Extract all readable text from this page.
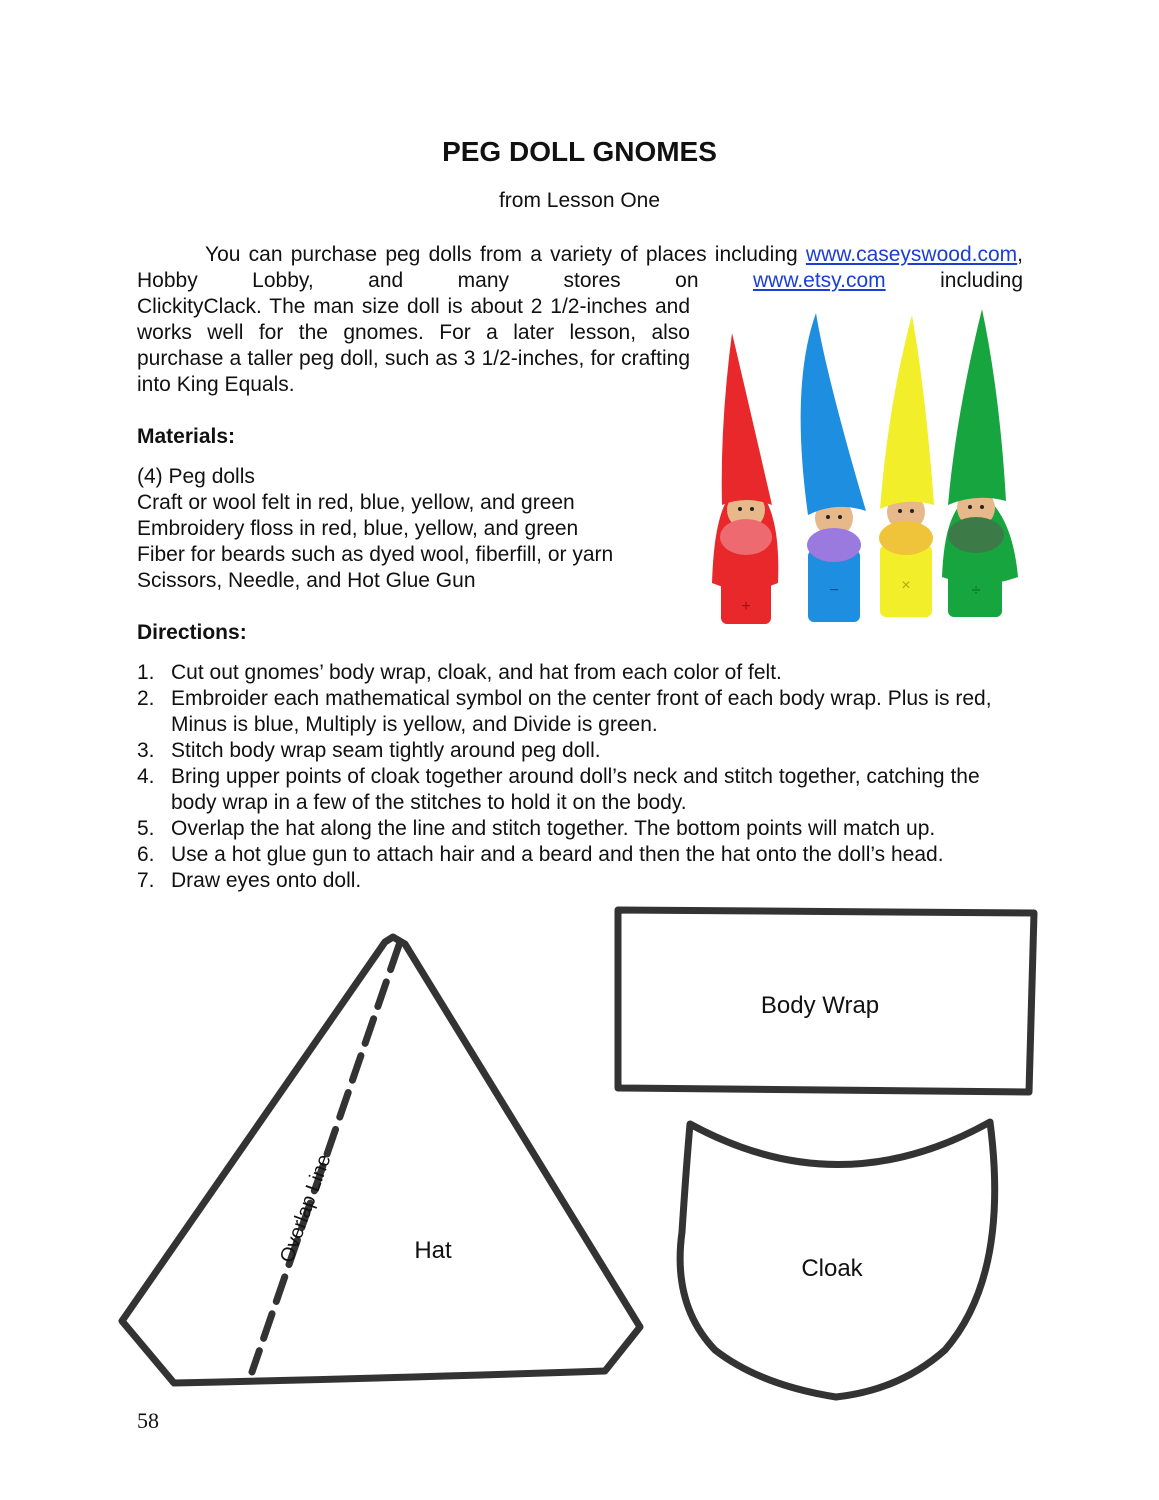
PEG DOLL GNOMES
from Lesson One
You can purchase peg dolls from a variety of places including www.caseyswood.com, Hobby Lobby, and many stores on www.etsy.com including
ClickityClack. The man size doll is about 2 1/2-inches and works well for the gnomes. For a later lesson, also purchase a taller peg doll, such as 3 1/2-inches, for crafting into King Equals.
Materials:
(4) Peg dolls
Craft or wool felt in red, blue, yellow, and green
Embroidery floss in red, blue, yellow, and green
Fiber for beards such as dyed wool, fiberfill, or yarn
Scissors, Needle, and Hot Glue Gun
+
−	×	÷
Directions:
1. Cut out gnomes’ body wrap, cloak, and hat from each color of felt.
2. Embroider each mathematical symbol on the center front of each body wrap. Plus is red, Minus is blue, Multiply is yellow, and Divide is green.
3. Stitch body wrap seam tightly around peg doll.
4. Bring upper points of cloak together around doll’s neck and stitch together, catching the body wrap in a few of the stitches to hold it on the body.
5. Overlap the hat along the line and stitch together. The bottom points will match up.
6. Use a hot glue gun to attach hair and a beard and then the hat onto the doll’s head.
7. Draw eyes onto doll.
Hat
Overlap Line
Body Wrap
Cloak
58
